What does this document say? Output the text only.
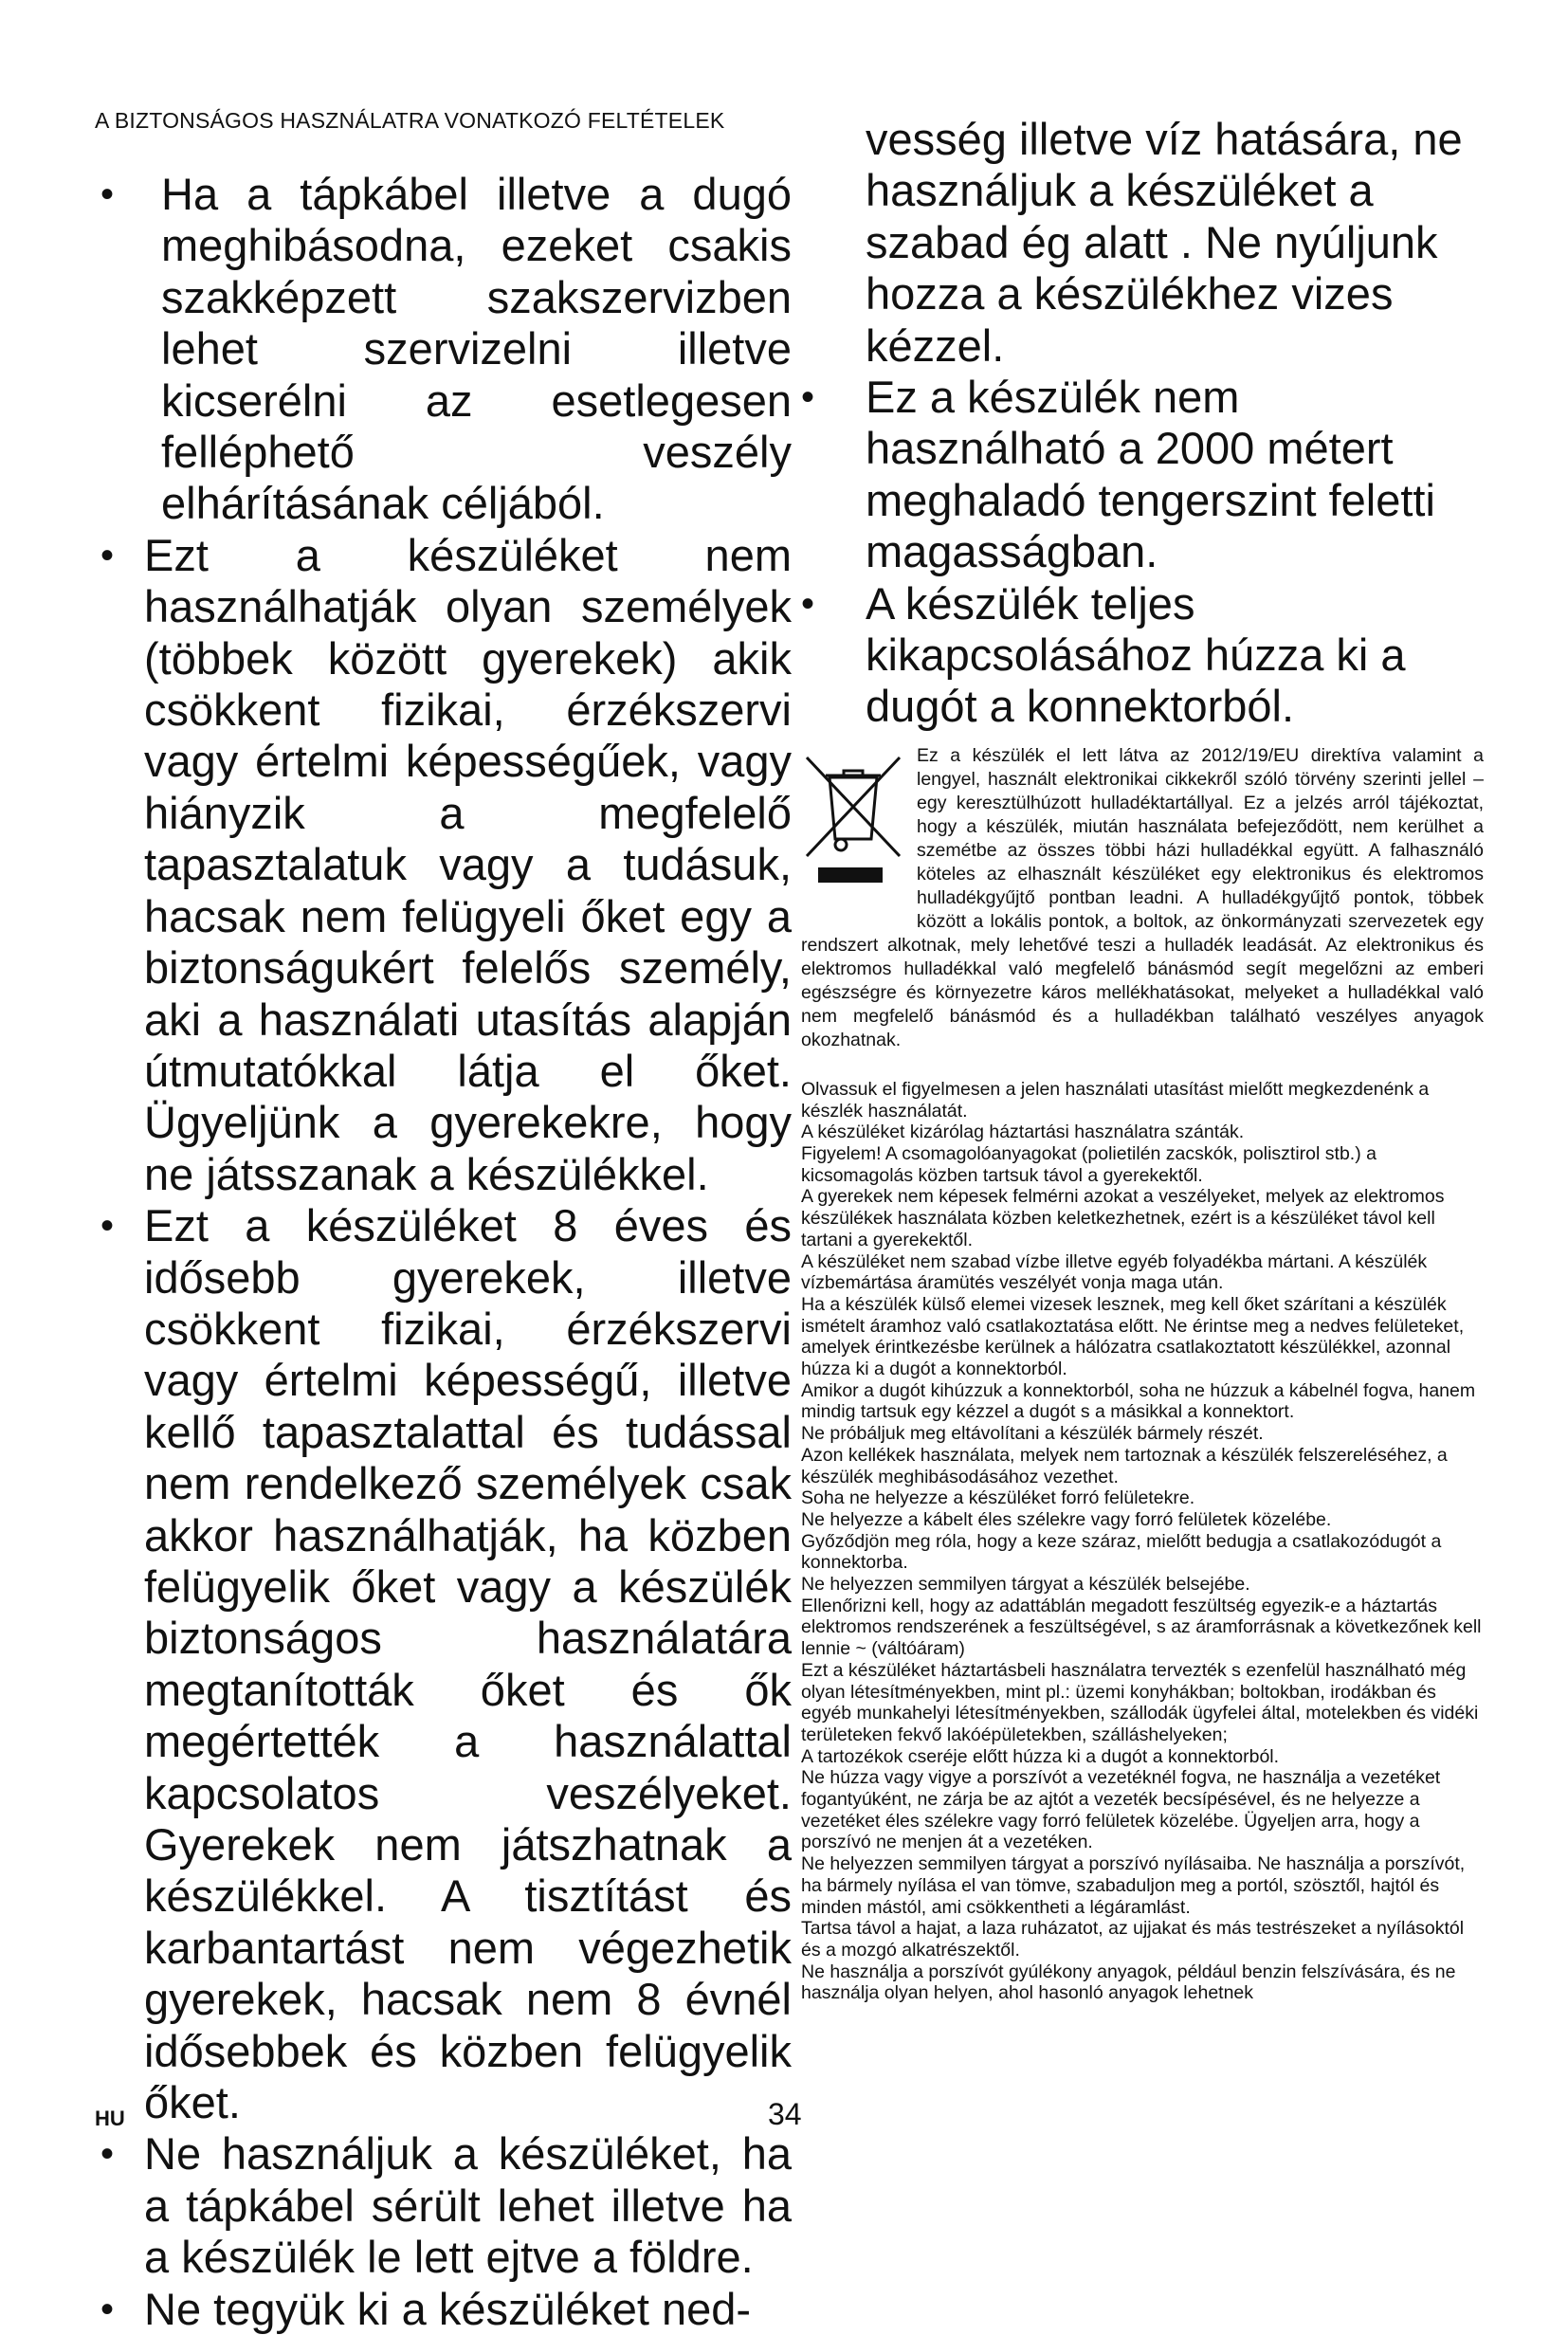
A BIZTONSÁGOS HASZNÁLATRA VONATKOZÓ FELTÉTELEK
• Ha a tápkábel illetve a dugó meghibásodna, ezeket csakis szakképzett szakszervizben lehet szervizelni illetve kicserélni az esetlegesen felléphető veszély elhárításának céljából.
• Ezt a készüléket nem használhatják olyan személyek (többek között gyerekek) akik csökkent fizikai, érzékszervi vagy értelmi képességűek, vagy hiányzik a megfelelő tapasztalatuk vagy a tudásuk, hacsak nem felügyeli őket egy a biztonságukért felelős személy, aki a használati utasítás alapján útmutatókkal látja el őket. Ügyeljünk a gyerekekre, hogy ne játsszanak a készülékkel.
• Ezt a készüléket 8 éves és idősebb gyerekek, illetve csökkent fizikai, érzékszervi vagy értelmi képességű, illetve kellő tapasztalattal és tudással nem rendelkező személyek csak akkor használhatják, ha közben felügyelik őket vagy a készülék biztonságos használatára megtanították őket és ők megértették a használattal kapcsolatos veszélyeket. Gyerekek nem játszhatnak a készülékkel. A tisztítást és karbantartást nem végezhetik gyerekek, hacsak nem 8 évnél idősebbek és közben felügyelik őket.
• Ne használjuk a készüléket, ha a tápkábel sérült lehet illetve ha a készülék le lett ejtve a földre.
• Ne tegyük ki a készüléket ned-
vesség illetve víz hatására, ne használjuk a készüléket a szabad ég alatt . Ne nyúljunk hozza a készülékhez vizes kézzel.
• Ez a készülék nem használható a 2000 métert meghaladó tengerszint feletti magasságban.
• A készülék teljes kikapcsolásához húzza ki a dugót a konnektorból.
Ez a készülék el lett látva az 2012/19/EU direktíva valamint a lengyel, használt elektronikai cikkekről szóló törvény szerinti jellel – egy keresztülhúzott hulladéktartállyal. Ez a jelzés arról tájékoztat, hogy a készülék, miután használata befejeződött, nem kerülhet a szemétbe az összes többi házi hulladékkal együtt. A falhasználó köteles az elhasznált készüléket egy elektronikus és elektromos hulladékgyűjtő pontban leadni. A hulladékgyűjtő pontok, többek között a lokális pontok, a boltok, az önkormányzati szervezetek egy rendszert alkotnak, mely lehetővé teszi a hulladék leadását. Az elektronikus és elektromos hulladékkal való megfelelő bánásmód segít megelőzni az emberi egészségre és környezetre káros mellékhatásokat, melyeket a hulladékkal való nem megfelelő bánásmód és a hulladékban található veszélyes anyagok okozhatnak.

Olvassuk el figyelmesen a jelen használati utasítást mielőtt megkezdenénk a készlék használatát.

A készüléket kizárólag háztartási használatra szánták.

Figyelem! A csomagolóanyagokat (polietilén zacskók, polisztirol stb.) a kicsomagolás közben tartsuk távol a gyerekektől.

A gyerekek nem képesek felmérni azokat a veszélyeket, melyek az elektromos készülékek használata közben keletkezhetnek, ezért is a készüléket távol kell tartani a gyerekektől.

A készüléket nem szabad vízbe illetve egyéb folyadékba mártani. A készülék vízbemártása áramütés veszélyét vonja maga után.

Ha a készülék külső elemei vizesek lesznek, meg kell őket szárítani a készülék ismételt áramhoz való csatlakoztatása előtt. Ne érintse meg a nedves felületeket, amelyek érintkezésbe kerülnek a hálózatra csatlakoztatott készülékkel, azonnal húzza ki a dugót a konnektorból.

Amikor a dugót kihúzzuk a konnektorból, soha ne húzzuk a kábelnél fogva, hanem mindig tartsuk egy kézzel a dugót s a másikkal a konnektort.

Ne próbáljuk meg eltávolítani a készülék bármely részét.

Azon kellékek használata, melyek nem tartoznak a készülék felszereléséhez, a készülék meghibásodásához vezethet.

Soha ne helyezze a készüléket forró felületekre.

Ne helyezze a kábelt éles szélekre vagy forró felületek közelébe.

Győződjön meg róla, hogy a keze száraz, mielőtt bedugja a csatlakozódugót a konnektorba.

Ne helyezzen semmilyen tárgyat a készülék belsejébe.

Ellenőrizni kell, hogy az adattáblán megadott feszültség egyezik-e a háztartás elektromos rendszerének a feszültségével, s az áramforrásnak a következőnek kell lennie ~ (váltóáram)

Ezt a készüléket háztartásbeli használatra tervezték s ezenfelül használható még olyan létesítményekben, mint pl.: üzemi konyhákban; boltokban, irodákban és egyéb munkahelyi létesítményekben, szállodák ügyfelei által, motelekben és vidéki területeken fekvő lakóépületekben, szálláshelyeken;

A tartozékok cseréje előtt húzza ki a dugót a konnektorból.

Ne húzza vagy vigye a porszívót a vezetéknél fogva, ne használja a vezetéket fogantyúként, ne zárja be az ajtót a vezeték becsípésével, és ne helyezze a vezetéket éles szélekre vagy forró felületek közelébe. Ügyeljen arra, hogy a porszívó ne menjen át a vezetéken.

Ne helyezzen semmilyen tárgyat a porszívó nyílásaiba. Ne használja a porszívót, ha bármely nyílása el van tömve, szabaduljon meg a portól, szösztől, hajtól és minden mástól, ami csökkentheti a légáramlást.

Tartsa távol a hajat, a laza ruházatot, az ujjakat és más testrészeket a nyílásoktól és a mozgó alkatrészektől.

Ne használja a porszívót gyúlékony anyagok, például benzin felszívására, és ne használja olyan helyen, ahol hasonló anyagok lehetnek

HU	34
